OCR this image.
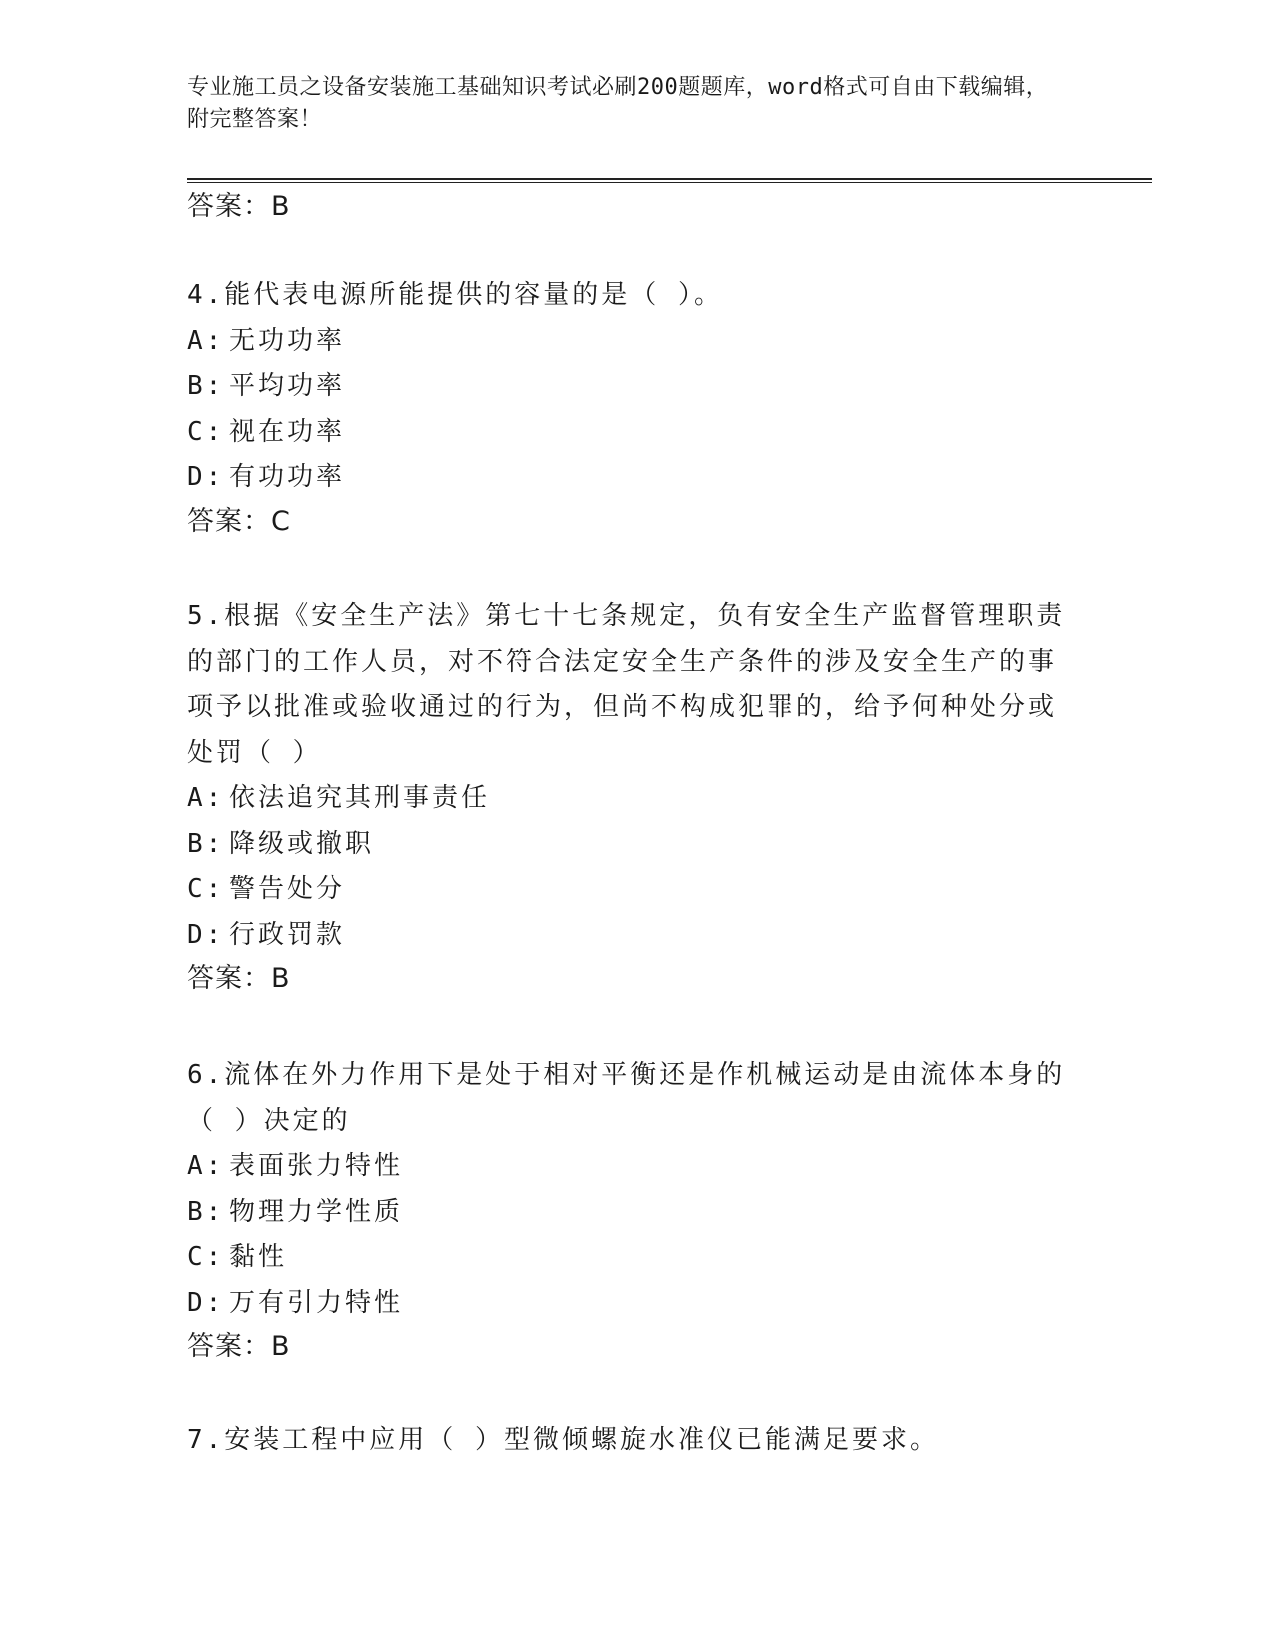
专业施工员之设备安装施工基础知识考试必刷200题题库，word格式可自由下载编辑，附完整答案！
答案：B
4.能代表电源所能提供的容量的是（ ）。
A: 无功功率
B: 平均功率
C: 视在功率
D: 有功功率
答案：C
5.根据《安全生产法》第七十七条规定，负有安全生产监督管理职责的部门的工作人员，对不符合法定安全生产条件的涉及安全生产的事项予以批准或验收通过的行为，但尚不构成犯罪的，给予何种处分或处罚（ ）
A: 依法追究其刑事责任
B: 降级或撤职
C: 警告处分
D: 行政罚款
答案：B
6.流体在外力作用下是处于相对平衡还是作机械运动是由流体本身的（ ）决定的
A: 表面张力特性
B: 物理力学性质
C: 黏性
D: 万有引力特性
答案：B
7.安装工程中应用（ ）型微倾螺旋水准仪已能满足要求。
